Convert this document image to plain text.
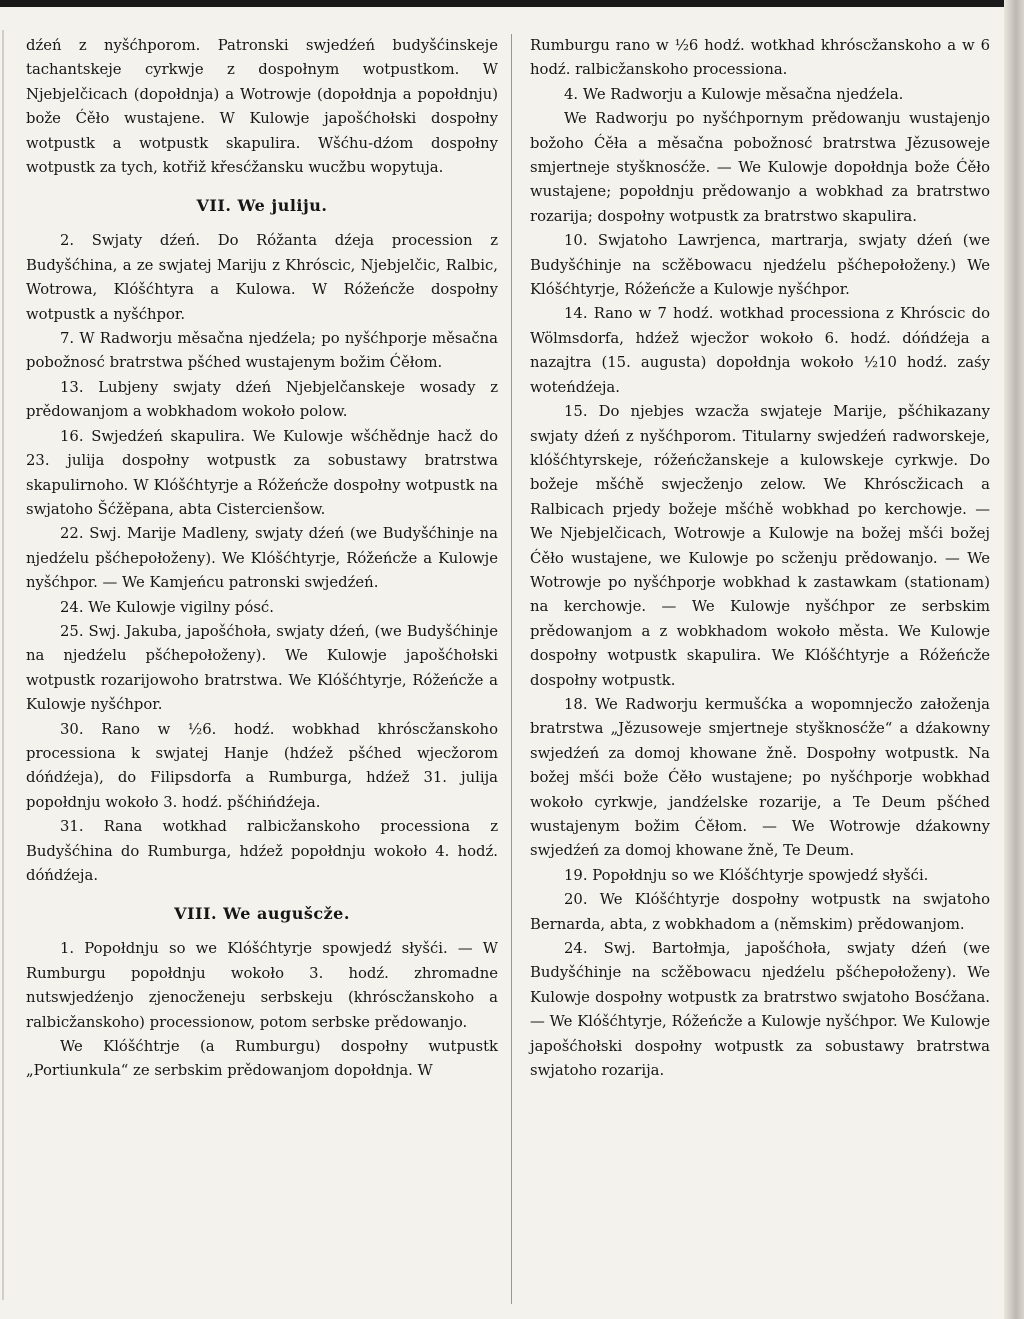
dźeń z nyšćhporom. Patronski swjedźeń budyšćinskeje tachantskeje cyrkwje z dospołnym wotpustkom. W Njebjelčicach (dopołdnja) a Wotrowje (dopołdnja a popołdnju) bože Ćěło wustajene. W Kulowje japošćhołski dospołny wotpustk a wotpustk skapulira. Wšćhu-dźom dospołny wotpustk za tych, kotřiž křesćžansku wucžbu wopytuja.

VII. We juliju.

2. Swjaty dźeń. Do Róžanta dźeja procession z Budyšćhina, a ze swjatej Mariju z Khróscic, Njebjelčic, Ralbic, Wotrowa, Klóšćhtyra a Kulowa. W Róžeńcže dospołny wotpustk a nyšćhpor.

7. W Radworju měsačna njedźela; po nyšćhporje měsačna pobožnosć bratrstwa pšćhed wustajenym božim Ćěłom.

13. Lubjeny swjaty dźeń Njebjelčanskeje wosady z prědowanjom a wobkhadom wokoło polow.

16. Swjedźeń skapulira. We Kulowje wšćhědnje hacž do 23. julija dospołny wotpustk za sobustawy bratrstwa skapulirnoho. W Klóšćhtyrje a Róžeńcže dospołny wotpustk na swjatoho Šćžěpana, abta Cistercienšow.

22. Swj. Marije Madleny, swjaty dźeń (we Budyšćhinje na njedźelu pšćhepołoženy). We Klóšćhtyrje, Róžeńcže a Kulowje nyšćhpor. — We Kamjeńcu patronski swjedźeń.

24. We Kulowje vigilny pósć.

25. Swj. Jakuba, japošćhoła, swjaty dźeń, (we Budyšćhinje na njedźelu pšćhepołoženy). We Kulowje japošćhołski wotpustk rozarijowoho bratrstwa. We Klóšćhtyrje, Róžeńcže a Kulowje nyšćhpor.

30. Rano w ½6. hodź. wobkhad khróscžanskoho processiona k swjatej Hanje (hdźež pšćhed wjecžorom dóńdźeja), do Filipsdorfa a Rumburga, hdźež 31. julija popołdnju wokoło 3. hodź. pšćhińdźeja.

31. Rana wotkhad ralbicžanskoho processiona z Budyšćhina do Rumburga, hdźež popołdnju wokoło 4. hodź. dóńdźeja.

VIII. We augušcže.

1. Popołdnju so we Klóšćhtyrje spowjedź słyšći. — W Rumburgu popołdnju wokoło 3. hodź. zhromadne nutswjedźenjo zjenocženeju serbskeju (khróscžanskoho a ralbicžanskoho) processionow, potom serbske prědowanjo.

We Klóšćhtrje (a Rumburgu) dospołny wutpustk „Portiunkula“ ze serbskim prědowanjom dopołdnja. W

Rumburgu rano w ½6 hodź. wotkhad khróscžanskoho a w 6 hodź. ralbicžanskoho processiona.

4. We Radworju a Kulowje měsačna njedźela.

We Radworju po nyšćhpornym prědowanju wustajenjo božoho Ćěła a měsačna pobožnosć bratrstwa Jězusoweje smjertneje styšknosćže. — We Kulowje dopołdnja bože Ćěło wustajene; popołdnju prědowanjo a wobkhad za bratrstwo rozarija; dospołny wotpustk za bratrstwo skapulira.

10. Swjatoho Lawrjenca, martrarja, swjaty dźeń (we Budyšćhinje na scžěbowacu njedźelu pšćhepołoženy.) We Klóšćhtyrje, Róžeńcže a Kulowje nyšćhpor.

14. Rano w 7 hodź. wotkhad processiona z Khróscic do Wölmsdorfa, hdźež wjecžor wokoło 6. hodź. dóńdźeja a nazajtra (15. augusta) dopołdnja wokoło ½10 hodź. zaśy woteńdźeja.

15. Do njebjes wzacža swjateje Marije, pšćhikazany swjaty dźeń z nyšćhporom. Titularny swjedźeń radworskeje, klóšćhtyrskeje, róžeńcžanskeje a kulowskeje cyrkwje. Do božeje mšćhě swjecženjo zelow. We Khróscžicach a Ralbicach prjedy božeje mšćhě wobkhad po kerchowje. — We Njebjelčicach, Wotrowje a Kulowje na božej mšći božej Ćěło wustajene, we Kulowje po scženju prědowanjo. — We Wotrowje po nyšćhporje wobkhad k zastawkam (stationam) na kerchowje. — We Kulowje nyšćhpor ze serbskim prědowanjom a z wobkhadom wokoło města. We Kulowje dospołny wotpustk skapulira. We Klóšćhtyrje a Róžeńcže dospołny wotpustk.

18. We Radworju kermušćka a wopomnjecžo załoženja bratrstwa „Jězusoweje smjertneje styšknosćže“ a dźakowny swjedźeń za domoj khowane žně. Dospołny wotpustk. Na božej mšći bože Ćěło wustajene; po nyšćhporje wobkhad wokoło cyrkwje, jandźelske rozarije, a Te Deum pšćhed wustajenym božim Ćěłom. — We Wotrowje dźakowny swjedźeń za domoj khowane žně, Te Deum.

19. Popołdnju so we Klóšćhtyrje spowjedź słyšći.

20. We Klóšćhtyrje dospołny wotpustk na swjatoho Bernarda, abta, z wobkhadom a (němskim) prědowanjom.

24. Swj. Bartołmja, japošćhoła, swjaty dźeń (we Budyšćhinje na scžěbowacu njedźelu pšćhepołoženy). We Kulowje dospołny wotpustk za bratrstwo swjatoho Bosćžana. — We Klóšćhtyrje, Róžeńcže a Kulowje nyšćhpor. We Kulowje japošćhołski dospołny wotpustk za sobustawy bratrstwa swjatoho rozarija.
